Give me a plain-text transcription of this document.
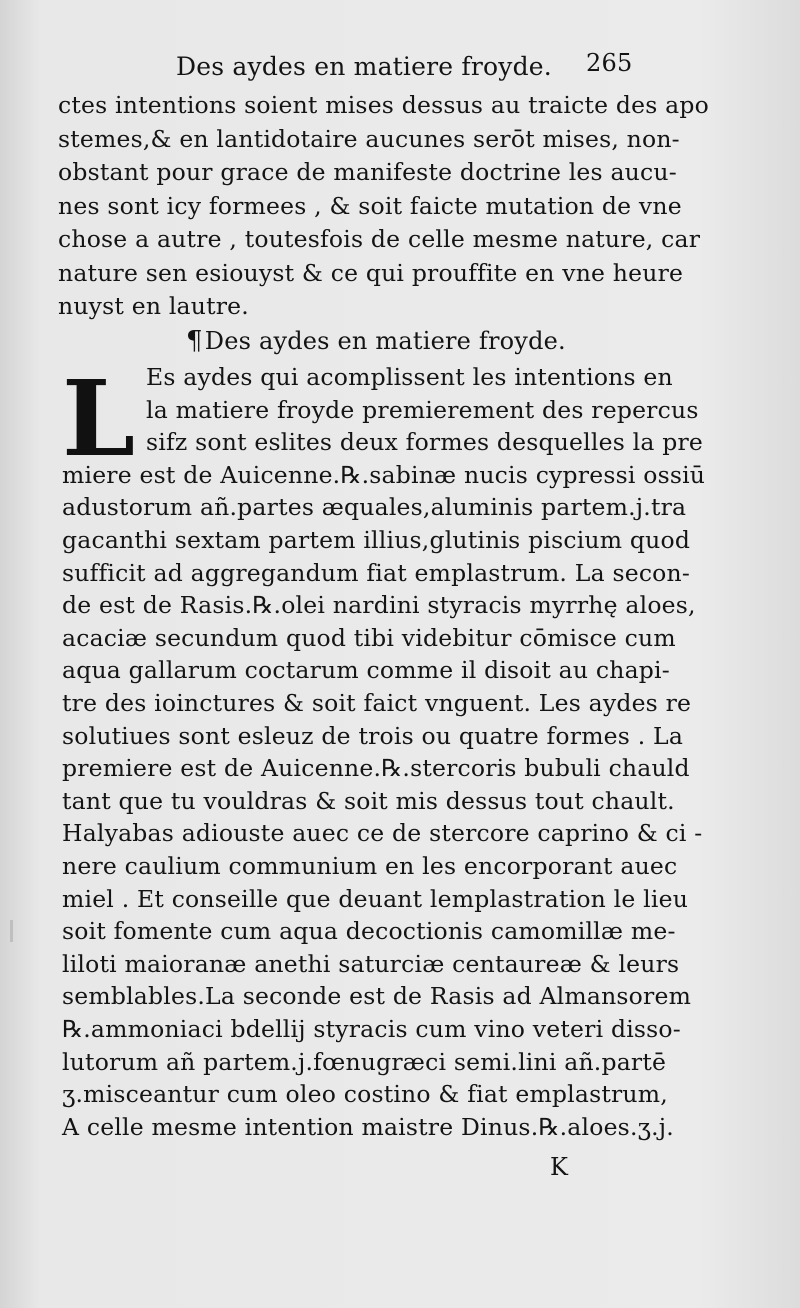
Des aydes en matiere froyde. 265
ctes intentions soient mises dessus au traicte des apo
stemes,& en lantidotaire aucunes serōt mises, non-
obstant pour grace de manifeste doctrine les aucu-
nes sont icy formees , & soit faicte mutation de vne
chose a autre , toutesfois de celle mesme nature, car
nature sen esiouyst & ce qui prouffite en vne heure
nuyst en lautre.
¶Des aydes en matiere froyde.
L Es aydes qui acomplissent les intentions en
la matiere froyde premierement des repercus
sifz sont eslites deux formes desquelles la pre
miere est de Auicenne.℞.sabinæ nucis cypressi ossiū
adustorum añ.partes æquales,aluminis partem.j.tra
gacanthi sextam partem illius,glutinis piscium quod
sufficit ad aggregandum fiat emplastrum. La secon-
de est de Rasis.℞.olei nardini styracis myrrhę aloes,
acaciæ secundum quod tibi videbitur cōmisce cum
aqua gallarum coctarum comme il disoit au chapi-
tre des ioinctures & soit faict vnguent. Les aydes re
solutiues sont esleuz de trois ou quatre formes . La
premiere est de Auicenne.℞.stercoris bubuli chauld
tant que tu vouldras & soit mis dessus tout chault.
Halyabas adiouste auec ce de stercore caprino & ci -
nere caulium communium en les encorporant auec
miel . Et conseille que deuant lemplastration le lieu
soit fomente cum aqua decoctionis camomillæ me-
liloti maioranæ anethi saturciæ centaureæ & leurs
semblables.La seconde est de Rasis ad Almansorem
℞.ammoniaci bdellij styracis cum vino veteri disso-
lutorum añ partem.j.fœnugræci semi.lini añ.partē
ʒ.misceantur cum oleo costino & fiat emplastrum,
A celle mesme intention maistre Dinus.℞.aloes.ʒ.j.
K
